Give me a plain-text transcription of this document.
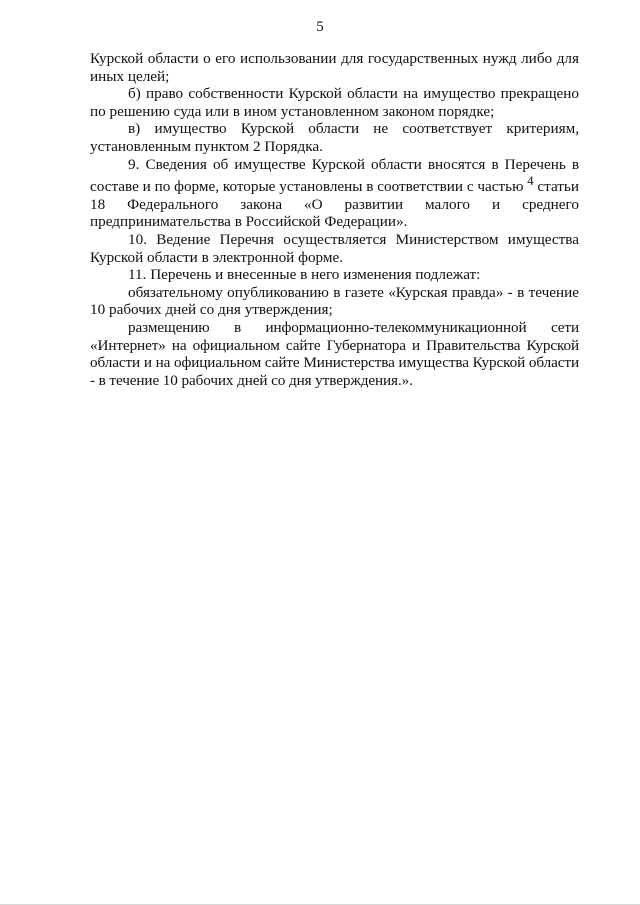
5

Курской области о его использовании для государственных нужд либо для иных целей;

б) право собственности Курской области на имущество прекращено по решению суда или в ином установленном законом порядке;

в) имущество Курской области не соответствует критериям, установленным пунктом 2 Порядка.

9. Сведения об имуществе Курской области вносятся в Перечень в составе и по форме, которые установлены в соответствии с частью $^4$ статьи 18 Федерального закона «О развитии малого и среднего предпринимательства в Российской Федерации».

10. Ведение Перечня осуществляется Министерством имущества Курской области в электронной форме.

11. Перечень и внесенные в него изменения подлежат:

обязательному опубликованию в газете «Курская правда» - в течение 10 рабочих дней со дня утверждения;

размещению в информационно-телекоммуникационной сети «Интернет» на официальном сайте Губернатора и Правительства Курской области и на официальном сайте Министерства имущества Курской области - в течение 10 рабочих дней со дня утверждения.».
